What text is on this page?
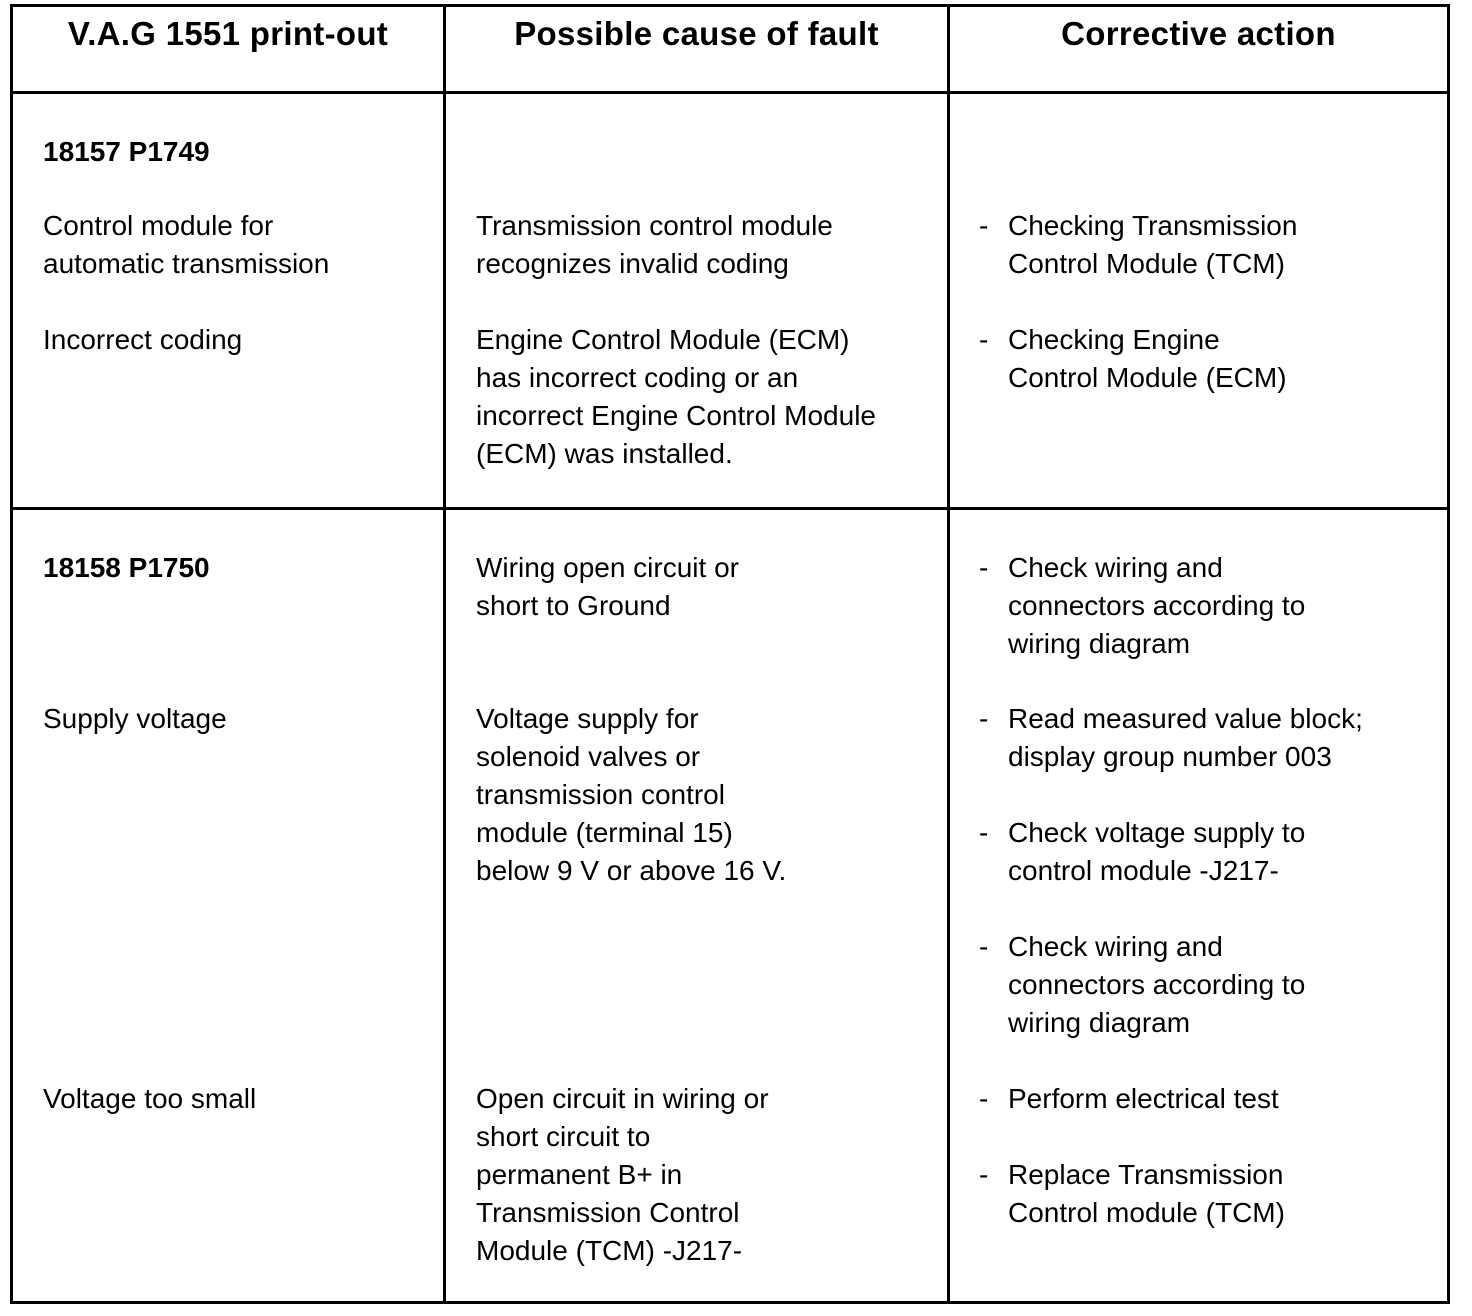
V.A.G 1551 print-out	Possible cause of fault	Corrective action
18157 P1749
Control module for
automatic transmission
Incorrect coding
Transmission control module
recognizes invalid coding
Engine Control Module (ECM)
has incorrect coding or an
incorrect Engine Control Module
(ECM) was installed.
- Checking Transmission
Control Module (TCM)
- Checking Engine
Control Module (ECM)
18158 P1750
Supply voltage
Voltage too small
Wiring open circuit or
short to Ground
Voltage supply for
solenoid valves or
transmission control
module (terminal 15)
below 9 V or above 16 V.
Open circuit in wiring or
short circuit to
permanent B+ in
Transmission Control
Module (TCM) -J217-
- Check wiring and
connectors according to
wiring diagram
- Read measured value block;
display group number 003
- Check voltage supply to
control module -J217-
- Check wiring and
connectors according to
wiring diagram
- Perform electrical test
- Replace Transmission
Control module (TCM)
